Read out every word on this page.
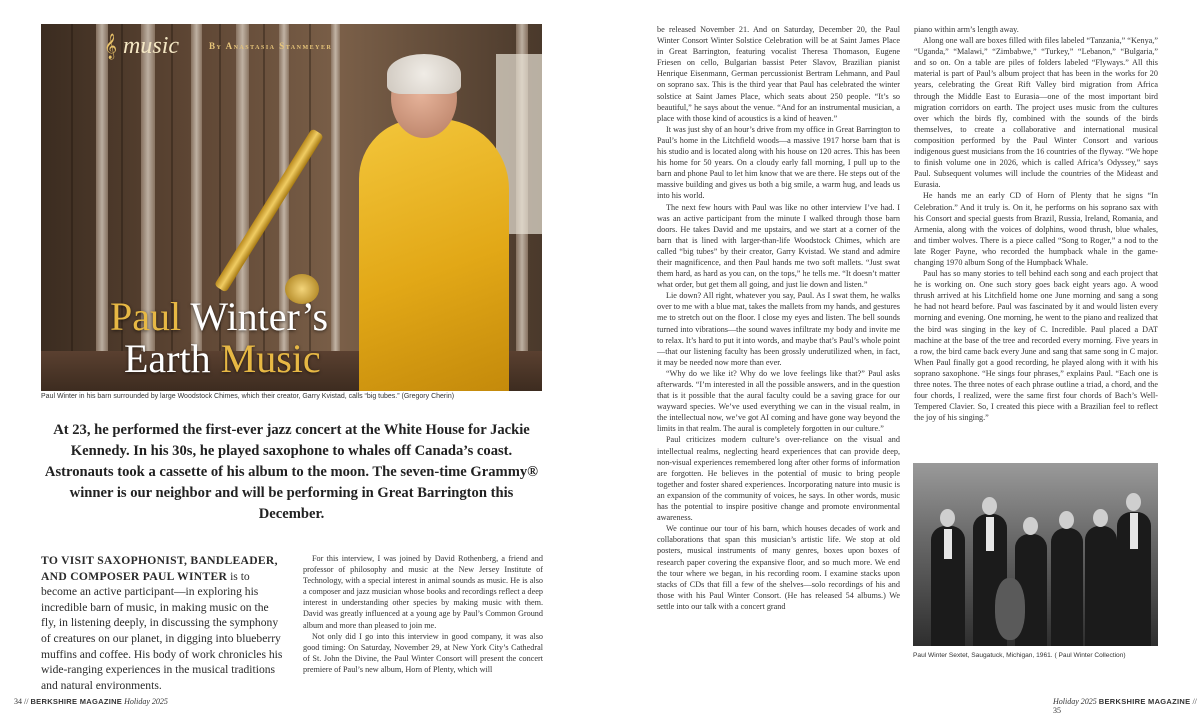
𝄞 music	By Anastasia Stanmeyer
Paul Winter’s
Earth Music
Paul Winter in his barn surrounded by large Woodstock Chimes, which their creator, Garry Kvistad, calls “big tubes.” (Gregory Cherin)
At 23, he performed the first-ever jazz concert at the White House for Jackie Kennedy. In his 30s, he played saxophone to whales off Canada’s coast. Astronauts took a cassette of his album to the moon. The seven-time Grammy® winner is our neighbor and will be performing in Great Barrington this December.
TO VISIT SAXOPHONIST, BANDLEADER, AND COMPOSER PAUL WINTER is to become an active participant—in exploring his incredible barn of music, in making music on the fly, in listening deeply, in discussing the symphony of creatures on our planet, in digging into blueberry muffins and coffee. His body of work chronicles his wide-ranging experiences in the musical traditions and natural environments.

For this interview, I was joined by David Rothenberg, a friend and professor of philosophy and music at the New Jersey Institute of Technology, with a special interest in animal sounds as music. He is also a composer and jazz musician whose books and recordings reflect a deep interest in understanding other species by making music with them. David was greatly influenced at a young age by Paul’s Common Ground album and more than pleased to join me.

Not only did I go into this interview in good company, it was also good timing: On Saturday, November 29, at New York City’s Cathedral of St. John the Divine, the Paul Winter Consort will present the concert premiere of Paul’s new album, Horn of Plenty, which will

34 // BERKSHIRE MAGAZINE Holiday 2025

be released November 21. And on Saturday, December 20, the Paul Winter Consort Winter Solstice Celebration will be at Saint James Place in Great Barrington, featuring vocalist Theresa Thomason, Eugene Friesen on cello, Bulgarian bassist Peter Slavov, Brazilian pianist Henrique Eisenmann, German percussionist Bertram Lehmann, and Paul on soprano sax. This is the third year that Paul has celebrated the winter solstice at Saint James Place, which seats about 250 people. “It’s so beautiful,” he says about the venue. “And for an instrumental musician, a place with those kind of acoustics is a kind of heaven.”

It was just shy of an hour’s drive from my office in Great Barrington to Paul’s home in the Litchfield woods—a massive 1917 horse barn that is his studio and is located along with his house on 120 acres. This has been his home for 50 years. On a cloudy early fall morning, I pull up to the barn and phone Paul to let him know that we are there. He steps out of the massive building and gives us both a big smile, a warm hug, and leads us into his world.

The next few hours with Paul was like no other interview I’ve had. I was an active participant from the minute I walked through those barn doors. He takes David and me upstairs, and we start at a corner of the barn that is lined with larger-than-life Woodstock Chimes, which are called “big tubes” by their creator, Garry Kvistad. We stand and admire their magnificence, and then Paul hands me two soft mallets. “Just swat them hard, as hard as you can, on the tops,” he tells me. “It doesn’t matter what order, but get them all going, and just lie down and listen.”

Lie down? All right, whatever you say, Paul. As I swat them, he walks over to me with a blue mat, takes the mallets from my hands, and gestures me to stretch out on the floor. I close my eyes and listen. The bell sounds turned into vibrations—the sound waves infiltrate my body and invite me to relax. It’s hard to put it into words, and maybe that’s Paul’s whole point—that our listening faculty has been grossly underutilized when, in fact, it may be needed now more than ever.

“Why do we like it? Why do we love feelings like that?” Paul asks afterwards. “I’m interested in all the possible answers, and in the question that is it possible that the aural faculty could be a saving grace for our wayward species. We’ve used everything we can in the visual realm, in the intellectual now, we’ve got AI coming and have gone way beyond the limits in that realm. The aural is completely forgotten in our culture.”

Paul criticizes modern culture’s over-reliance on the visual and intellectual realms, neglecting heard experiences that can provide deep, non-visual experiences remembered long after other forms of information are forgotten. He believes in the potential of music to bring people together and foster shared experiences. Incorporating nature into music is an expansion of the community of voices, he says. In other words, music has the potential to inspire positive change and promote environmental awareness.

We continue our tour of his barn, which houses decades of work and collaborations that span this musician’s artistic life. We stop at old posters, musical instruments of many genres, boxes upon boxes of research paper covering the expansive floor, and so much more. We end the tour where we began, in his recording room. I examine stacks upon stacks of CDs that fill a few of the shelves—solo recordings of his and those with his Paul Winter Consort. (He has released 54 albums.) We settle into our talk with a concert grand

piano within arm’s length away.

Along one wall are boxes filled with files labeled “Tanzania,” “Kenya,” “Uganda,” “Malawi,” “Zimbabwe,” “Turkey,” “Lebanon,” “Bulgaria,” and so on. On a table are piles of folders labeled “Flyways.” All this material is part of Paul’s album project that has been in the works for 20 years, celebrating the Great Rift Valley bird migration from Africa through the Middle East to Eurasia—one of the most important bird migration corridors on earth. The project uses music from the cultures over which the birds fly, combined with the sounds of the birds themselves, to create a collaborative and international musical composition performed by the Paul Winter Consort and various indigenous guest musicians from the 16 countries of the flyway. “We hope to finish volume one in 2026, which is called Africa’s Odyssey,” says Paul. Subsequent volumes will include the countries of the Mideast and Eurasia.

He hands me an early CD of Horn of Plenty that he signs “In Celebration.” And it truly is. On it, he performs on his soprano sax with his Consort and special guests from Brazil, Russia, Ireland, Romania, and Armenia, along with the voices of dolphins, wood thrush, blue whales, and timber wolves. There is a piece called “Song to Roger,” a nod to the late Roger Payne, who recorded the humpback whale in the game-changing 1970 album Song of the Humpback Whale.

Paul has so many stories to tell behind each song and each project that he is working on. One such story goes back eight years ago. A wood thrush arrived at his Litchfield home one June morning and sang a song he had not heard before. Paul was fascinated by it and would listen every morning and evening. One morning, he went to the piano and realized that the bird was singing in the key of C. Incredible. Paul placed a DAT machine at the base of the tree and recorded every morning. Five years in a row, the bird came back every June and sang that same song in C major. When Paul finally got a good recording, he played along with it with his soprano saxophone. “He sings four phrases,” explains Paul. “Each one is three notes. The three notes of each phrase outline a triad, a chord, and the four chords, I realized, were the same first four chords of Bach’s Well-Tempered Clavier. So, I created this piece with a Brazilian feel to reflect the joy of his singing.”

Paul Winter Sextet, Saugatuck, Michigan, 1961. ( Paul Winter Collection)
Holiday 2025 BERKSHIRE MAGAZINE // 35
